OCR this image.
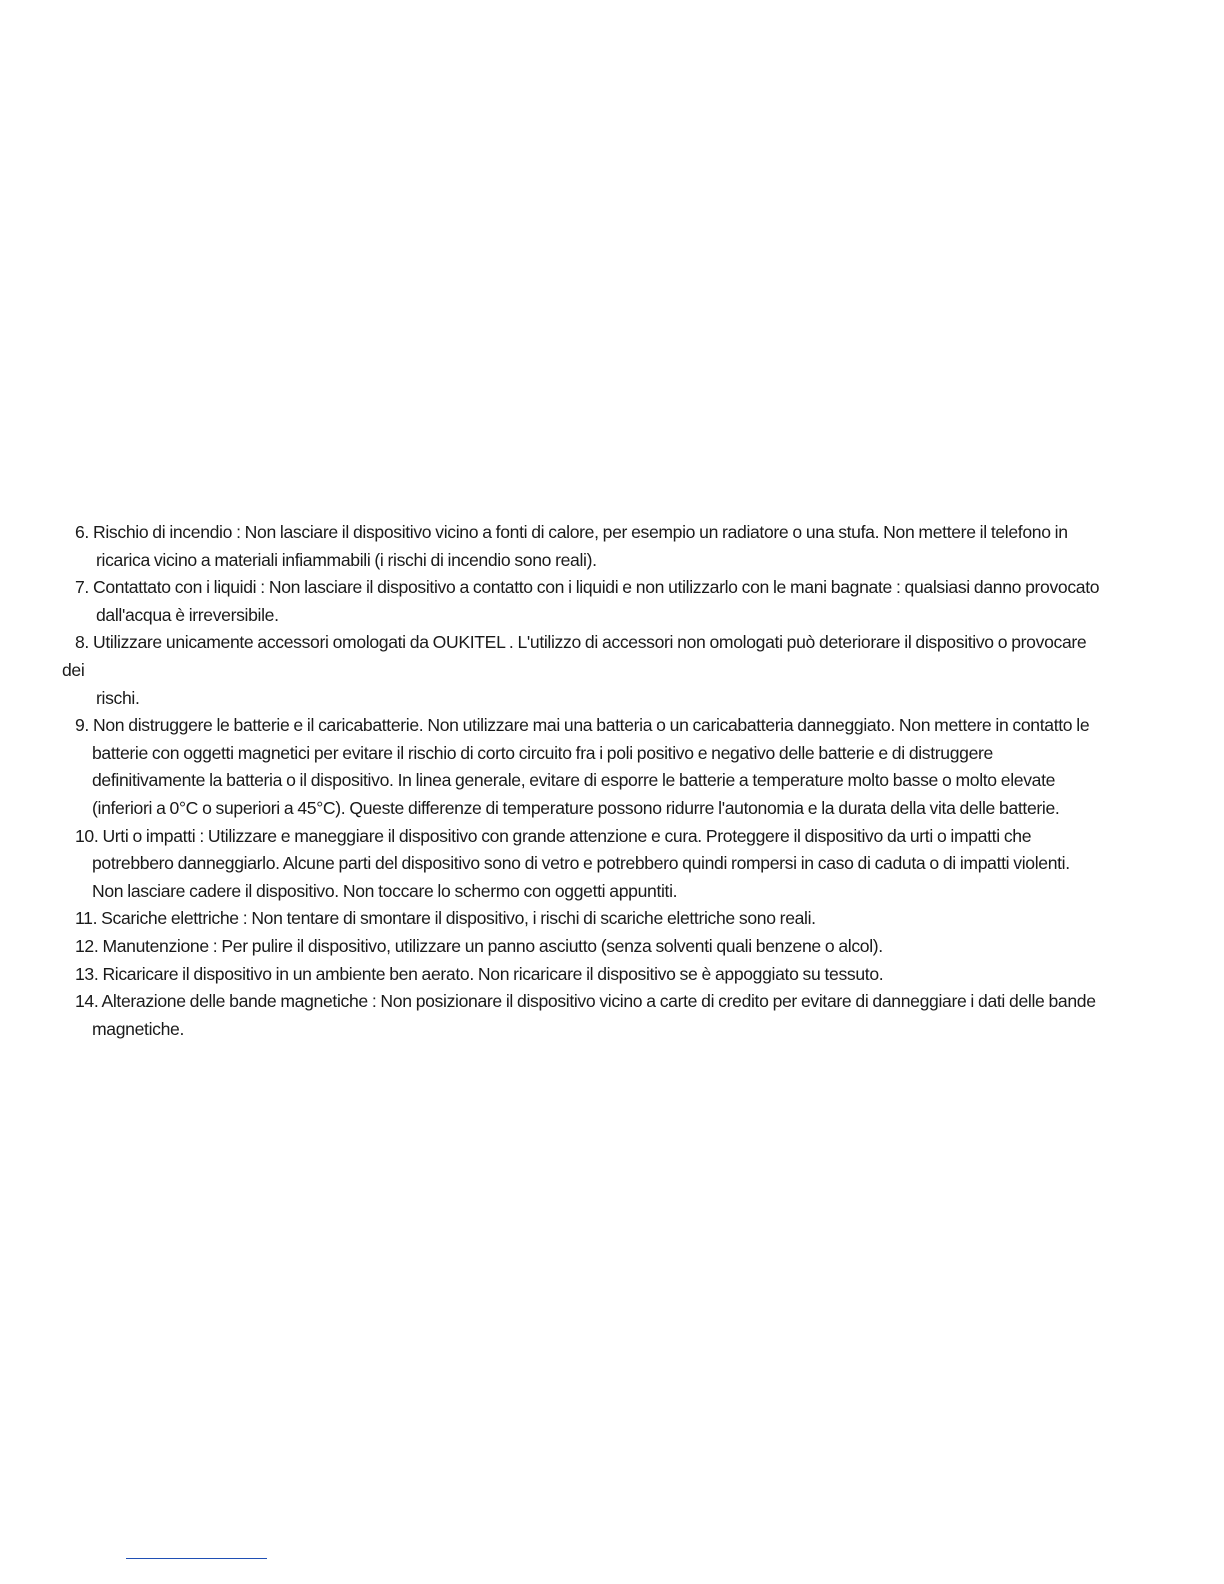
6. Rischio di incendio : Non lasciare il dispositivo vicino a fonti di calore, per esempio un radiatore o una stufa. Non mettere il telefono in
ricarica vicino a materiali infiammabili (i rischi di incendio sono reali).
7. Contattato con i liquidi : Non lasciare il dispositivo a contatto con i liquidi e non utilizzarlo con le mani bagnate : qualsiasi danno provocato
dall'acqua è irreversibile.
8. Utilizzare unicamente accessori omologati da OUKITEL . L'utilizzo di accessori non omologati può deteriorare il dispositivo o provocare
dei
rischi.
9. Non distruggere le batterie e il caricabatterie. Non utilizzare mai una batteria o un caricabatteria danneggiato. Non mettere in contatto le
batterie con oggetti magnetici per evitare il rischio di corto circuito fra i poli positivo e negativo delle batterie e di distruggere
definitivamente la batteria o il dispositivo. In linea generale, evitare di esporre le batterie a temperature molto basse o molto elevate
(inferiori a 0°C o superiori a 45°C). Queste differenze di temperature possono ridurre l'autonomia e la durata della vita delle batterie.
10. Urti o impatti : Utilizzare e maneggiare il dispositivo con grande attenzione e cura. Proteggere il dispositivo da urti o impatti che
potrebbero danneggiarlo. Alcune parti del dispositivo sono di vetro e potrebbero quindi rompersi in caso di caduta o di impatti violenti.
Non lasciare cadere il dispositivo. Non toccare lo schermo con oggetti appuntiti.
11. Scariche elettriche : Non tentare di smontare il dispositivo, i rischi di scariche elettriche sono reali.
12. Manutenzione : Per pulire il dispositivo, utilizzare un panno asciutto (senza solventi quali benzene o alcol).
13. Ricaricare il dispositivo in un ambiente ben aerato. Non ricaricare il dispositivo se è appoggiato su tessuto.
14. Alterazione delle bande magnetiche : Non posizionare il dispositivo vicino a carte di credito per evitare di danneggiare i dati delle bande
magnetiche.
